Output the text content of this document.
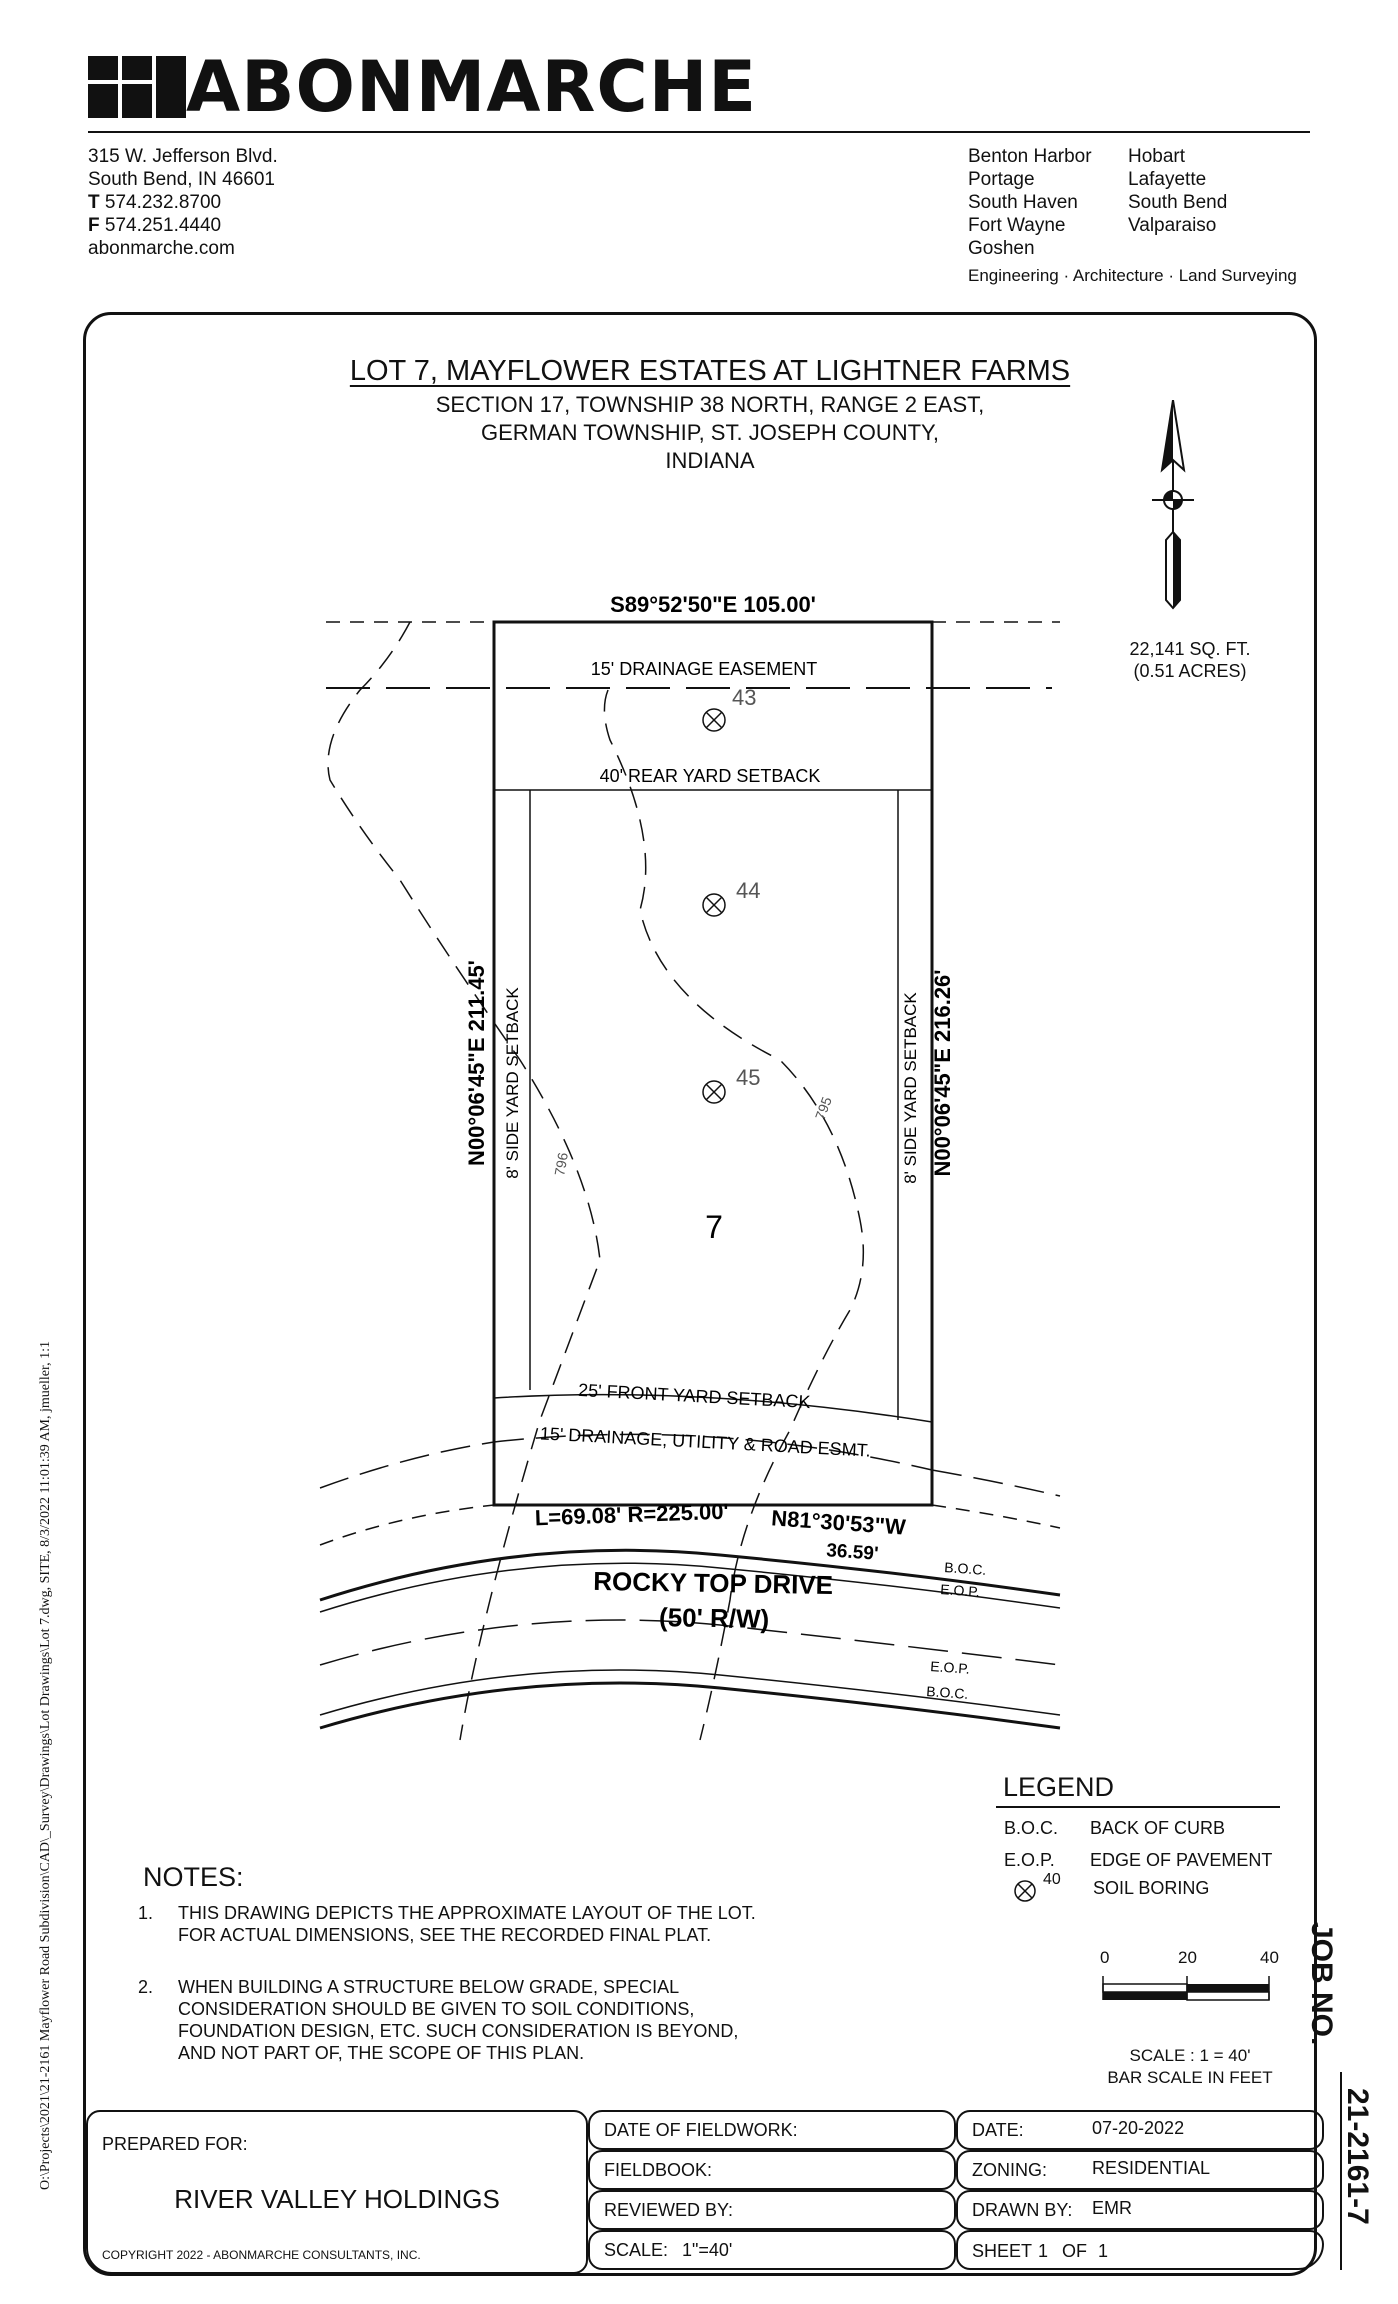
ABONMARCHE
315 W. Jefferson Blvd.
South Bend, IN 46601
T 574.232.8700
F 574.251.4440
abonmarche.com
Benton Harbor
Portage
South Haven
Fort Wayne
Goshen
Hobart
Lafayette
South Bend
Valparaiso
Engineering · Architecture · Land Surveying
O:\Projects\2021\21-2161 Mayflower Road Subdivision\CAD\_Survey\Drawings\Lot Drawings\Lot 7.dwg, SITE, 8/3/2022 11:01:39 AM, jmueller, 1:1
LOT 7, MAYFLOWER ESTATES AT LIGHTNER FARMS
SECTION 17, TOWNSHIP 38 NORTH, RANGE 2 EAST,
GERMAN TOWNSHIP, ST. JOSEPH COUNTY,
INDIANA
22,141 SQ. FT.
(0.51 ACRES)
S89°52'50"E 105.00'
15' DRAINAGE EASEMENT
40' REAR YARD SETBACK
43
44
45
N00°06'45"E 211.45'	N00°06'45"E 216.26'
8' SIDE YARD SETBACK	8' SIDE YARD SETBACK
796
795
7
25' FRONT YARD SETBACK
15' DRAINAGE, UTILITY & ROAD ESMT.
L=69.08' R=225.00' N81°30'53"W
36.59'
ROCKY TOP DRIVE
(50' R/W)
B.O.C.
E.O.P.
E.O.P.
B.O.C.
LEGEND
B.O.C. BACK OF CURB
E.O.P. EDGE OF PAVEMENT
40 SOIL BORING
0	20	40
SCALE : 1 = 40'
BAR SCALE IN FEET
NOTES:
1. THIS DRAWING DEPICTS THE APPROXIMATE LAYOUT OF THE LOT.
FOR ACTUAL DIMENSIONS, SEE THE RECORDED FINAL PLAT.
2. WHEN BUILDING A STRUCTURE BELOW GRADE, SPECIAL
CONSIDERATION SHOULD BE GIVEN TO SOIL CONDITIONS,
FOUNDATION DESIGN, ETC. SUCH CONSIDERATION IS BEYOND,
AND NOT PART OF, THE SCOPE OF THIS PLAN.
JOB NO.
21-2161-7
PREPARED FOR:
RIVER VALLEY HOLDINGS
COPYRIGHT 2022 - ABONMARCHE CONSULTANTS, INC.
DATE OF FIELDWORK:
FIELDBOOK:
REVIEWED BY:
SCALE: 1"=40'
DATE:	07-20-2022
ZONING:	RESIDENTIAL
DRAWN BY: EMR
SHEET 1 OF 1
